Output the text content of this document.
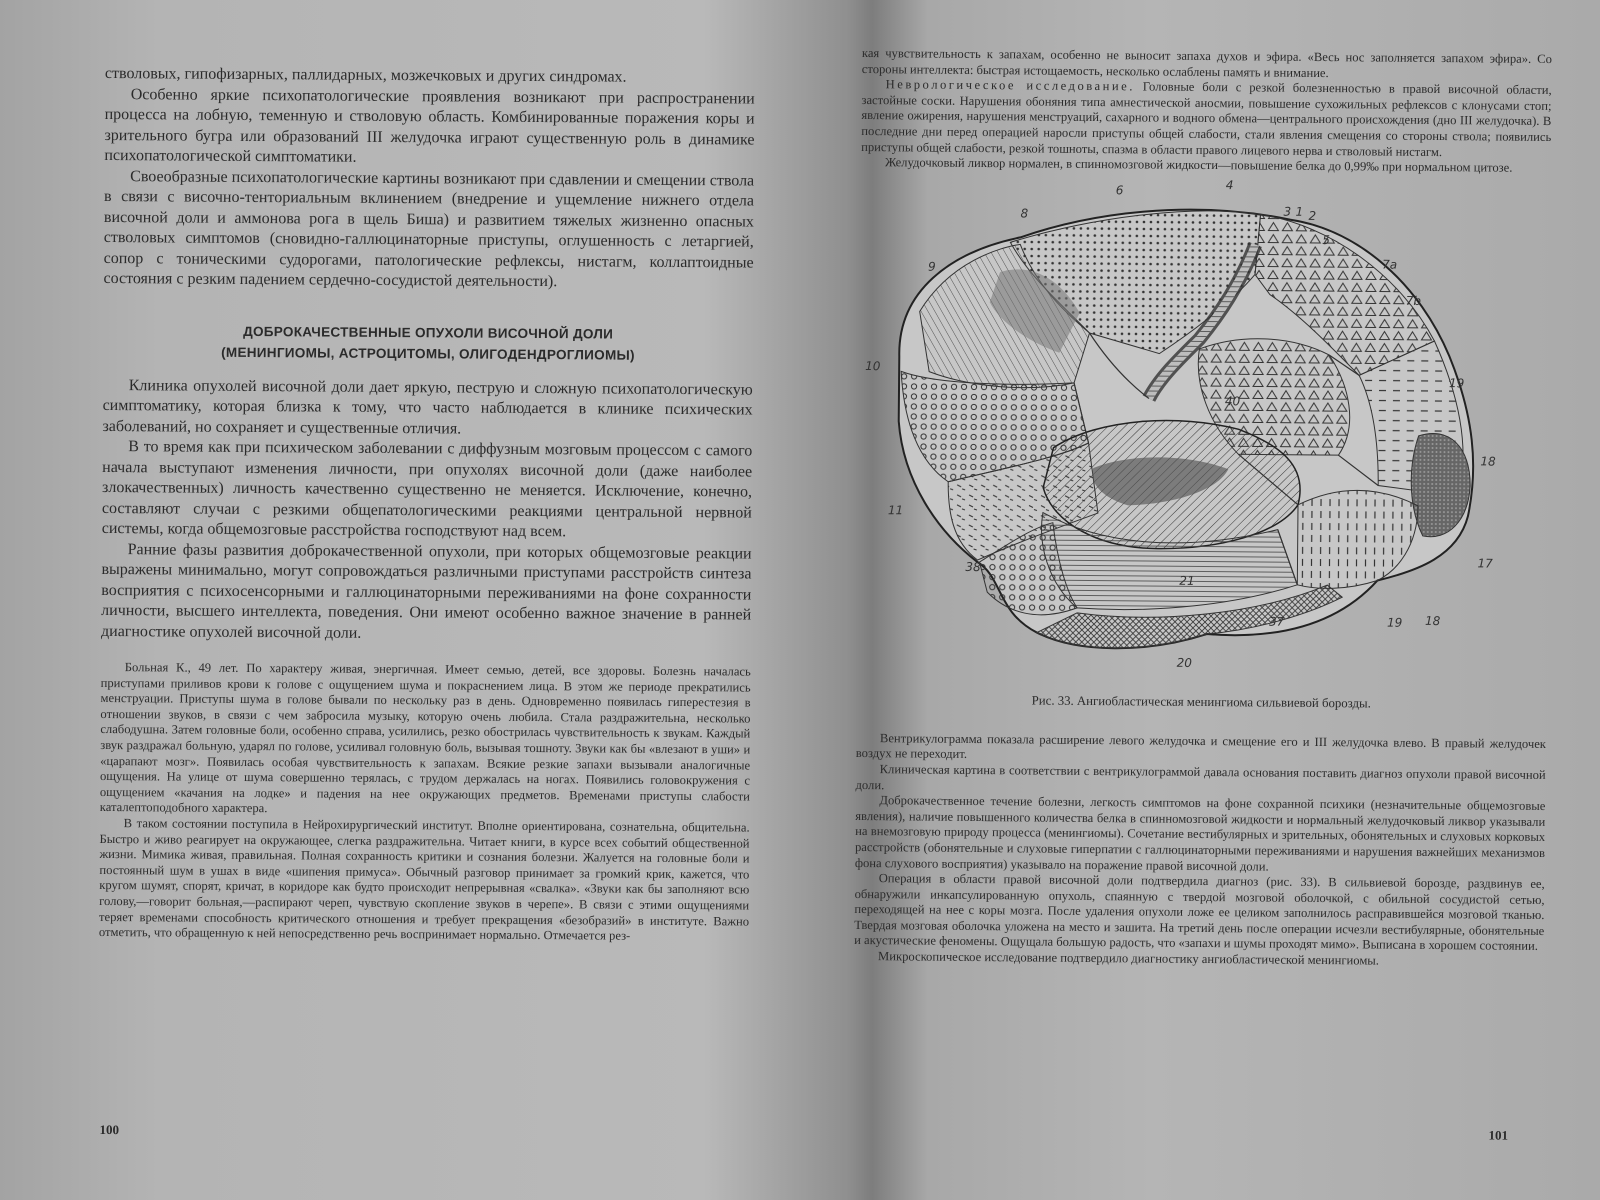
стволовых, гипофизарных, паллидарных, мозжечковых и других синдромах.

Особенно яркие психопатологические проявления возникают при распространении процесса на лобную, теменную и стволовую область. Комбинированные поражения коры и зрительного бугра или образований III желудочка играют существенную роль в динамике психопатологической симптоматики.

Своеобразные психопатологические картины возникают при сдавлении и смещении ствола в связи с височно-тенториальным вклинением (внедрение и ущемление нижнего отдела височной доли и аммонова рога в щель Биша) и развитием тяжелых жизненно опасных стволовых симптомов (сновидно-галлюцинаторные приступы, оглушенность с летаргией, сопор с тоническими судорогами, патологические рефлексы, нистагм, коллаптоидные состояния с резким падением сердечно-сосудистой деятельности).

ДОБРОКАЧЕСТВЕННЫЕ ОПУХОЛИ ВИСОЧНОЙ ДОЛИ
(МЕНИНГИОМЫ, АСТРОЦИТОМЫ, ОЛИГОДЕНДРОГЛИОМЫ)

Клиника опухолей височной доли дает яркую, пеструю и сложную психопатологическую симптоматику, которая близка к тому, что часто наблюдается в клинике психических заболеваний, но сохраняет и существенные отличия.

В то время как при психическом заболевании с диффузным мозговым процессом с самого начала выступают изменения личности, при опухолях височной доли (даже наиболее злокачественных) личность качественно существенно не меняется. Исключение, конечно, составляют случаи с резкими общепатологическими реакциями центральной нервной системы, когда общемозговые расстройства господствуют над всем.

Ранние фазы развития доброкачественной опухоли, при которых общемозговые реакции выражены минимально, могут сопровождаться различными приступами расстройств синтеза восприятия с психосенсорными и галлюцинаторными переживаниями на фоне сохранности личности, высшего интеллекта, поведения. Они имеют особенно важное значение в ранней диагностике опухолей височной доли.

Больная К., 49 лет. По характеру живая, энергичная. Имеет семью, детей, все здоровы. Болезнь началась приступами приливов крови к голове с ощущением шума и покраснением лица. В этом же периоде прекратились менструации. Приступы шума в голове бывали по нескольку раз в день. Одновременно появилась гиперестезия в отношении звуков, в связи с чем забросила музыку, которую очень любила. Стала раздражительна, несколько слабодушна. Затем головные боли, особенно справа, усилились, резко обострилась чувствительность к звукам. Каждый звук раздражал больную, ударял по голове, усиливал головную боль, вызывая тошноту. Звуки как бы «влезают в уши» и «царапают мозг». Появилась особая чувствительность к запахам. Всякие резкие запахи вызывали аналогичные ощущения. На улице от шума совершенно терялась, с трудом держалась на ногах. Появились головокружения с ощущением «качания на лодке» и падения на нее окружающих предметов. Временами приступы слабости каталептоподобного характера.

В таком состоянии поступила в Нейрохирургический институт. Вполне ориентирована, сознательна, общительна. Быстро и живо реагирует на окружающее, слегка раздражительна. Читает книги, в курсе всех событий общественной жизни. Мимика живая, правильная. Полная сохранность критики и сознания болезни. Жалуется на головные боли и постоянный шум в ушах в виде «шипения примуса». Обычный разговор принимает за громкий крик, кажется, что кругом шумят, спорят, кричат, в коридоре как будто происходит непрерывная «свалка». «Звуки как бы заполняют всю голову,—говорит больная,—распирают череп, чувствую скопление звуков в черепе». В связи с этими ощущениями теряет временами способность критического отношения и требует прекращения «безобразий» в институте. Важно отметить, что обращенную к ней непосредственно речь воспринимает нормально. Отмечается рез-

100

кая чувствительность к запахам, особенно не выносит запаха духов и эфира. «Весь нос заполняется запахом эфира». Со стороны интеллекта: быстрая истощаемость, несколько ослаблены память и внимание.

Неврологическое исследование. Головные боли с резкой болезненностью в правой височной области, застойные соски. Нарушения обоняния типа амнестической аносмии, повышение сухожильных рефлексов с клонусами стоп; явление ожирения, нарушения менструаций, сахарного и водного обмена—центрального происхождения (дно III желудочка). В последние дни перед операцией наросли приступы общей слабости, стали явления смещения со стороны ствола; появились приступы общей слабости, резкой тошноты, спазма в области правого лицевого нерва и стволовый нистагм.

Желудочковый ликвор нормален, в спинномозговой жидкости—повышение белка до 0,99‰ при нормальном цитозе.

6	4
8	3 1 2
5
7a
9
7b
10
40
19
18
11
38
21
17
37	19 18
20
Рис. 33. Ангиобластическая менингиома сильвиевой борозды.

Вентрикулограмма показала расширение левого желудочка и смещение его и III желудочка влево. В правый желудочек воздух не переходит.

Клиническая картина в соответствии с вентрикулограммой давала основания поставить диагноз опухоли правой височной доли.

Доброкачественное течение болезни, легкость симптомов на фоне сохранной психики (незначительные общемозговые явления), наличие повышенного количества белка в спинномозговой жидкости и нормальный желудочковый ликвор указывали на внемозговую природу процесса (менингиомы). Сочетание вестибулярных и зрительных, обонятельных и слуховых корковых расстройств (обонятельные и слуховые гиперпатии с галлюцинаторными переживаниями и нарушения важнейших механизмов фона слухового восприятия) указывало на поражение правой височной доли.

Операция в области правой височной доли подтвердила диагноз (рис. 33). В сильвиевой борозде, раздвинув ее, обнаружили инкапсулированную опухоль, спаянную с твердой мозговой оболочкой, с обильной сосудистой сетью, переходящей на нее с коры мозга. После удаления опухоли ложе ее целиком заполнилось расправившейся мозговой тканью. Твердая мозговая оболочка уложена на место и зашита. На третий день после операции исчезли вестибулярные, обонятельные и акустические феномены. Ощущала большую радость, что «запахи и шумы проходят мимо». Выписана в хорошем состоянии.

Микроскопическое исследование подтвердило диагностику ангиобластической менингиомы.

101
